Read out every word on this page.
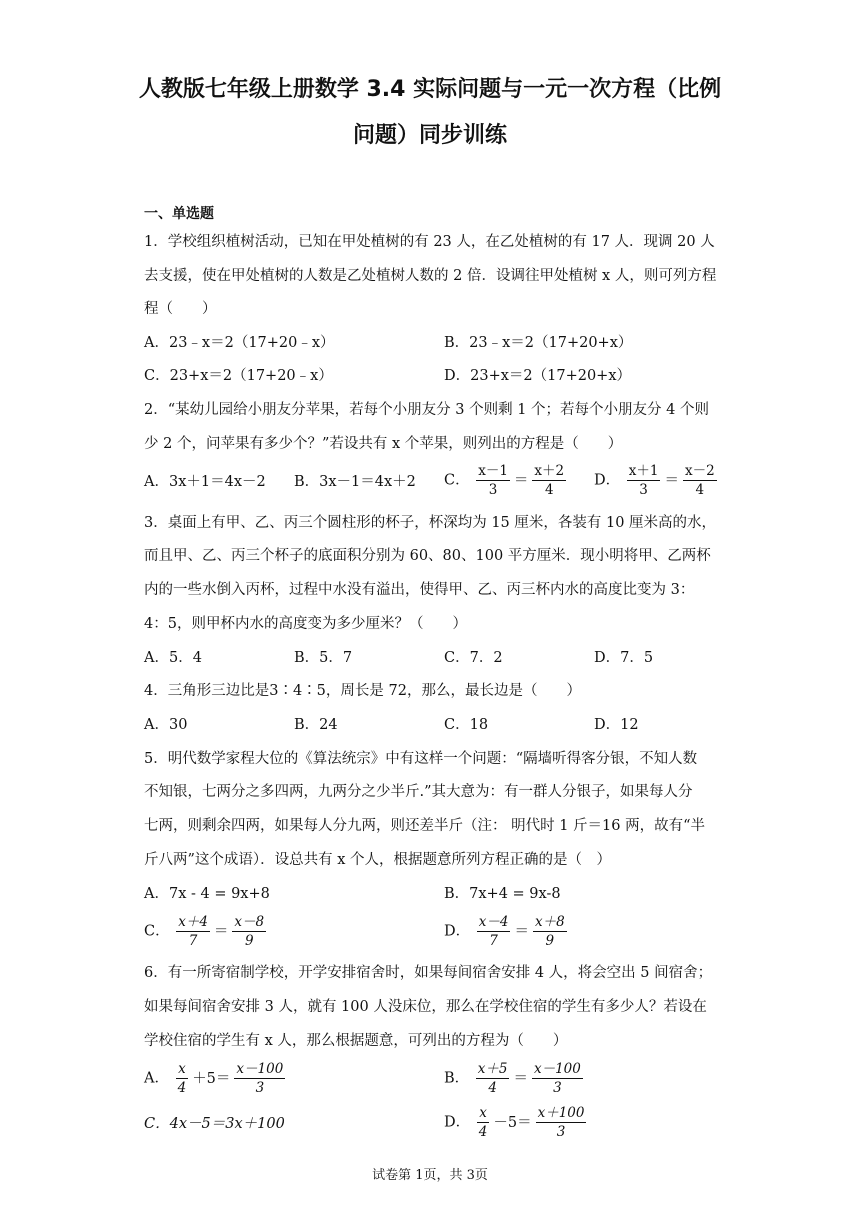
人教版七年级上册数学 3.4 实际问题与一元一次方程（比例
问题）同步训练
一、单选题
1．学校组织植树活动，已知在甲处植树的有 23 人，在乙处植树的有 17 人．现调 20 人
去支援，使在甲处植树的人数是乙处植树人数的 2 倍．设调往甲处植树 x 人，则可列方程
程（　　）
A．23﹣x＝2（17+20﹣x）	B．23﹣x＝2（17+20+x）
C．23+x＝2（17+20﹣x）	D．23+x＝2（17+20+x）
2．“某幼儿园给小朋友分苹果，若每个小朋友分 3 个则剩 1 个；若每个小朋友分 4 个则
少 2 个，问苹果有多少个？”若设共有 x 个苹果，则列出的方程是（　　）
A．3x＋1＝4x－2 B．3x－1＝4x＋2 C． $\frac{x-1}{3} = \frac{x+2}{4}$ D． $\frac{x+1}{3} = \frac{x-2}{4}$
3．桌面上有甲、乙、丙三个圆柱形的杯子，杯深均为 15 厘米，各装有 10 厘米高的水，
而且甲、乙、丙三个杯子的底面积分别为 60、80、100 平方厘米．现小明将甲、乙两杯
内的一些水倒入丙杯，过程中水没有溢出，使得甲、乙、丙三杯内水的高度比变为 3：
4：5，则甲杯内水的高度变为多少厘米？（　　）
A．5．4	B．5．7	C．7．2	D．7．5
4．三角形三边比是3∶4∶5，周长是 72，那么，最长边是（　　）
A．30	B．24	C．18	D．12
5．明代数学家程大位的《算法统宗》中有这样一个问题：“隔墙听得客分银，不知人数
不知银，七两分之多四两，九两分之少半斤.”其大意为：有一群人分银子，如果每人分
七两，则剩余四两，如果每人分九两，则还差半斤（注： 明代时 1 斤＝16 两，故有“半
斤八两”这个成语）．设总共有 x 个人，根据题意所列方程正确的是（　）
A．7x - 4 = 9x+8	B．7x+4 = 9x-8
C． $\frac{x+4}{7} = \frac{x-8}{9}$	D． $\frac{x-4}{7} = \frac{x+8}{9}$
6．有一所寄宿制学校，开学安排宿舍时，如果每间宿舍安排 4 人，将会空出 5 间宿舍；
如果每间宿舍安排 3 人，就有 100 人没床位，那么在学校住宿的学生有多少人？若设在
学校住宿的学生有 x 人，那么根据题意，可列出的方程为（　　）
A． $\frac{x}{4} +5= \frac{x-100}{3}$	B． $\frac{x+5}{4} = \frac{x-100}{3}$
C．4x－5＝3x＋100	D． $\frac{x}{4} -5= \frac{x+100}{3}$
试卷第 1页，共 3页
